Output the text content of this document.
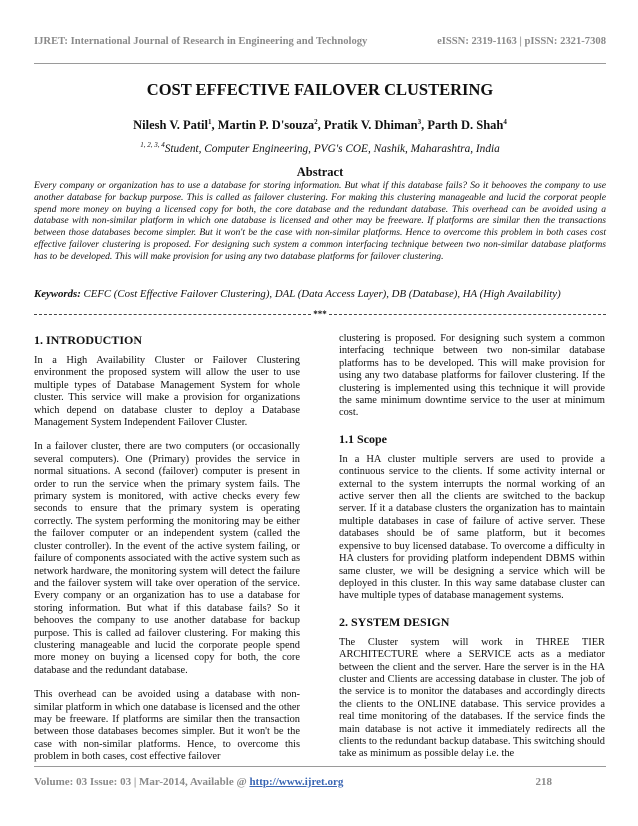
IJRET: International Journal of Research in Engineering and Technology	eISSN: 2319-1163 | pISSN: 2321-7308
COST EFFECTIVE FAILOVER CLUSTERING
Nilesh V. Patil$^1$, Martin P. D'souza$^2$, Pratik V. Dhiman$^3$, Parth D. Shah$^4$
$^{1, 2, 3, 4}$Student, Computer Engineering, PVG's COE, Nashik, Maharashtra, India
Abstract

Every company or organization has to use a database for storing information. But what if this database fails? So it behooves the company to use another database for backup purpose. This is called as failover clustering. For making this clustering manageable and lucid the corporat people spend more money on buying a licensed copy for both, the core database and the redundant database. This overhead can be avoided using a database with non-similar platform in which one database is licensed and other may be freeware. If platforms are similar then the transactions between those databases become simpler. But it won't be the case with non-similar platforms. Hence to overcome this problem in both cases cost effective failover clustering is proposed. For designing such system a common interfacing technique between two non-similar database platforms has to be developed. This will make provision for using any two database platforms for failover clustering.

Keywords: CEFC (Cost Effective Failover Clustering), DAL (Data Access Layer), DB (Database), HA (High Availability)

***
1. INTRODUCTION

In a High Availability Cluster or Failover Clustering environment the proposed system will allow the user to use multiple types of Database Management System for whole cluster. This service will make a provision for organizations which depend on database cluster to deploy a Database Management System Independent Failover Cluster.

In a failover cluster, there are two computers (or occasionally several computers). One (Primary) provides the service in normal situations. A second (failover) computer is present in order to run the service when the primary system fails. The primary system is monitored, with active checks every few seconds to ensure that the primary system is operating correctly. The system performing the monitoring may be either the failover computer or an independent system (called the cluster controller). In the event of the active system failing, or failure of components associated with the active system such as network hardware, the monitoring system will detect the failure and the failover system will take over operation of the service. Every company or an organization has to use a database for storing information. But what if this database fails? So it behooves the company to use another database for backup purpose. This is called ad failover clustering. For making this clustering manageable and lucid the corporate people spend more money on buying a licensed copy for both, the core database and the redundant database.

This overhead can be avoided using a database with non-similar platform in which one database is licensed and the other may be freeware. If platforms are similar then the transaction between those databases becomes simpler. But it won't be the case with non-similar platforms. Hence, to overcome this problem in both cases, cost effective failover

clustering is proposed. For designing such system a common interfacing technique between two non-similar database platforms has to be developed. This will make provision for using any two database platforms for failover clustering. If the clustering is implemented using this technique it will provide the same minimum downtime service to the user at minimum cost.

1.1 Scope

In a HA cluster multiple servers are used to provide a continuous service to the clients. If some activity internal or external to the system interrupts the normal working of an active server then all the clients are switched to the backup server. If it a database clusters the organization has to maintain multiple databases in case of failure of active server. These databases should be of same platform, but it becomes expensive to buy licensed database. To overcome a difficulty in HA clusters for providing platform independent DBMS within same cluster, we will be designing a service which will be deployed in this cluster. In this way same database cluster can have multiple types of database management systems.

2. SYSTEM DESIGN

The Cluster system will work in THREE TIER ARCHITECTURE where a SERVICE acts as a mediator between the client and the server. Hare the server is in the HA cluster and Clients are accessing database in cluster. The job of the service is to monitor the databases and accordingly directs the clients to the ONLINE database. This service provides a real time monitoring of the databases. If the service finds the main database is not active it immediately redirects all the clients to the redundant backup database. This switching should take as minimum as possible delay i.e. the

Volume: 03 Issue: 03 | Mar-2014, Available @ http://www.ijret.org	218
